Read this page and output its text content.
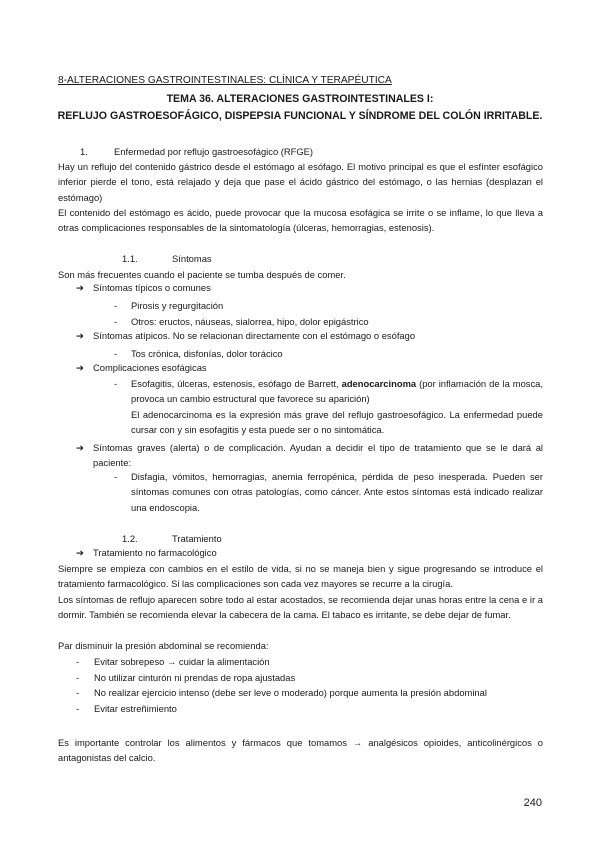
8-ALTERACIONES GASTROINTESTINALES: CLÍNICA Y TERAPÉUTICA
TEMA 36. ALTERACIONES GASTROINTESTINALES I:
REFLUJO GASTROESOFÁGICO, DISPEPSIA FUNCIONAL Y SÍNDROME DEL COLÓN IRRITABLE.
1.	Enfermedad por reflujo gastroesofágico (RFGE)
Hay un reflujo del contenido gástrico desde el estómago al esófago. El motivo principal es que el esfínter esofágico inferior pierde el tono, está relajado y deja que pase el ácido gástrico del estómago, o las hernias (desplazan el estómago)
El contenido del estómago es ácido, puede provocar que la mucosa esofágica se irrite o se inflame, lo que lleva a otras complicaciones responsables de la sintomatología (úlceras, hemorragias, estenosis).
1.1.	Síntomas
Son más frecuentes cuando el paciente se tumba después de comer.
➔ Síntomas típicos o comunes
- Pirosis y regurgitación
- Otros: eructos, náuseas, sialorrea, hipo, dolor epigástrico
➔ Síntomas atípicos. No se relacionan directamente con el estómago o esófago
- Tos crónica, disfonías, dolor torácico
➔ Complicaciones esofágicas
- Esofagitis, úlceras, estenosis, esófago de Barrett, adenocarcinoma (por inflamación de la mosca, provoca un cambio estructural que favorece su aparición)
El adenocarcinoma es la expresión más grave del reflujo gastroesofágico. La enfermedad puede cursar con y sin esofagitis y esta puede ser o no sintomática.
➔ Síntomas graves (alerta) o de complicación. Ayudan a decidir el tipo de tratamiento que se le dará al paciente:
- Disfagia, vómitos, hemorragias, anemia ferropénica, pérdida de peso inesperada. Pueden ser síntomas comunes con otras patologías, como cáncer. Ante estos síntomas está indicado realizar una endoscopia.
1.2.	Tratamiento
➔ Tratamiento no farmacológico
Siempre se empieza con cambios en el estilo de vida, si no se maneja bien y sigue progresando se introduce el tratamiento farmacológico. Si las complicaciones son cada vez mayores se recurre a la cirugía.
Los síntomas de reflujo aparecen sobre todo al estar acostados, se recomienda dejar unas horas entre la cena e ir a dormir. También se recomienda elevar la cabecera de la cama. El tabaco es irritante, se debe dejar de fumar.
Par disminuir la presión abdominal se recomienda:
- Evitar sobrepeso → cuidar la alimentación
- No utilizar cinturón ni prendas de ropa ajustadas
- No realizar ejercicio intenso (debe ser leve o moderado) porque aumenta la presión abdominal
- Evitar estreñimiento
Es importante controlar los alimentos y fármacos que tomamos → analgésicos opioides, anticolinérgicos o antagonistas del calcio.
240
